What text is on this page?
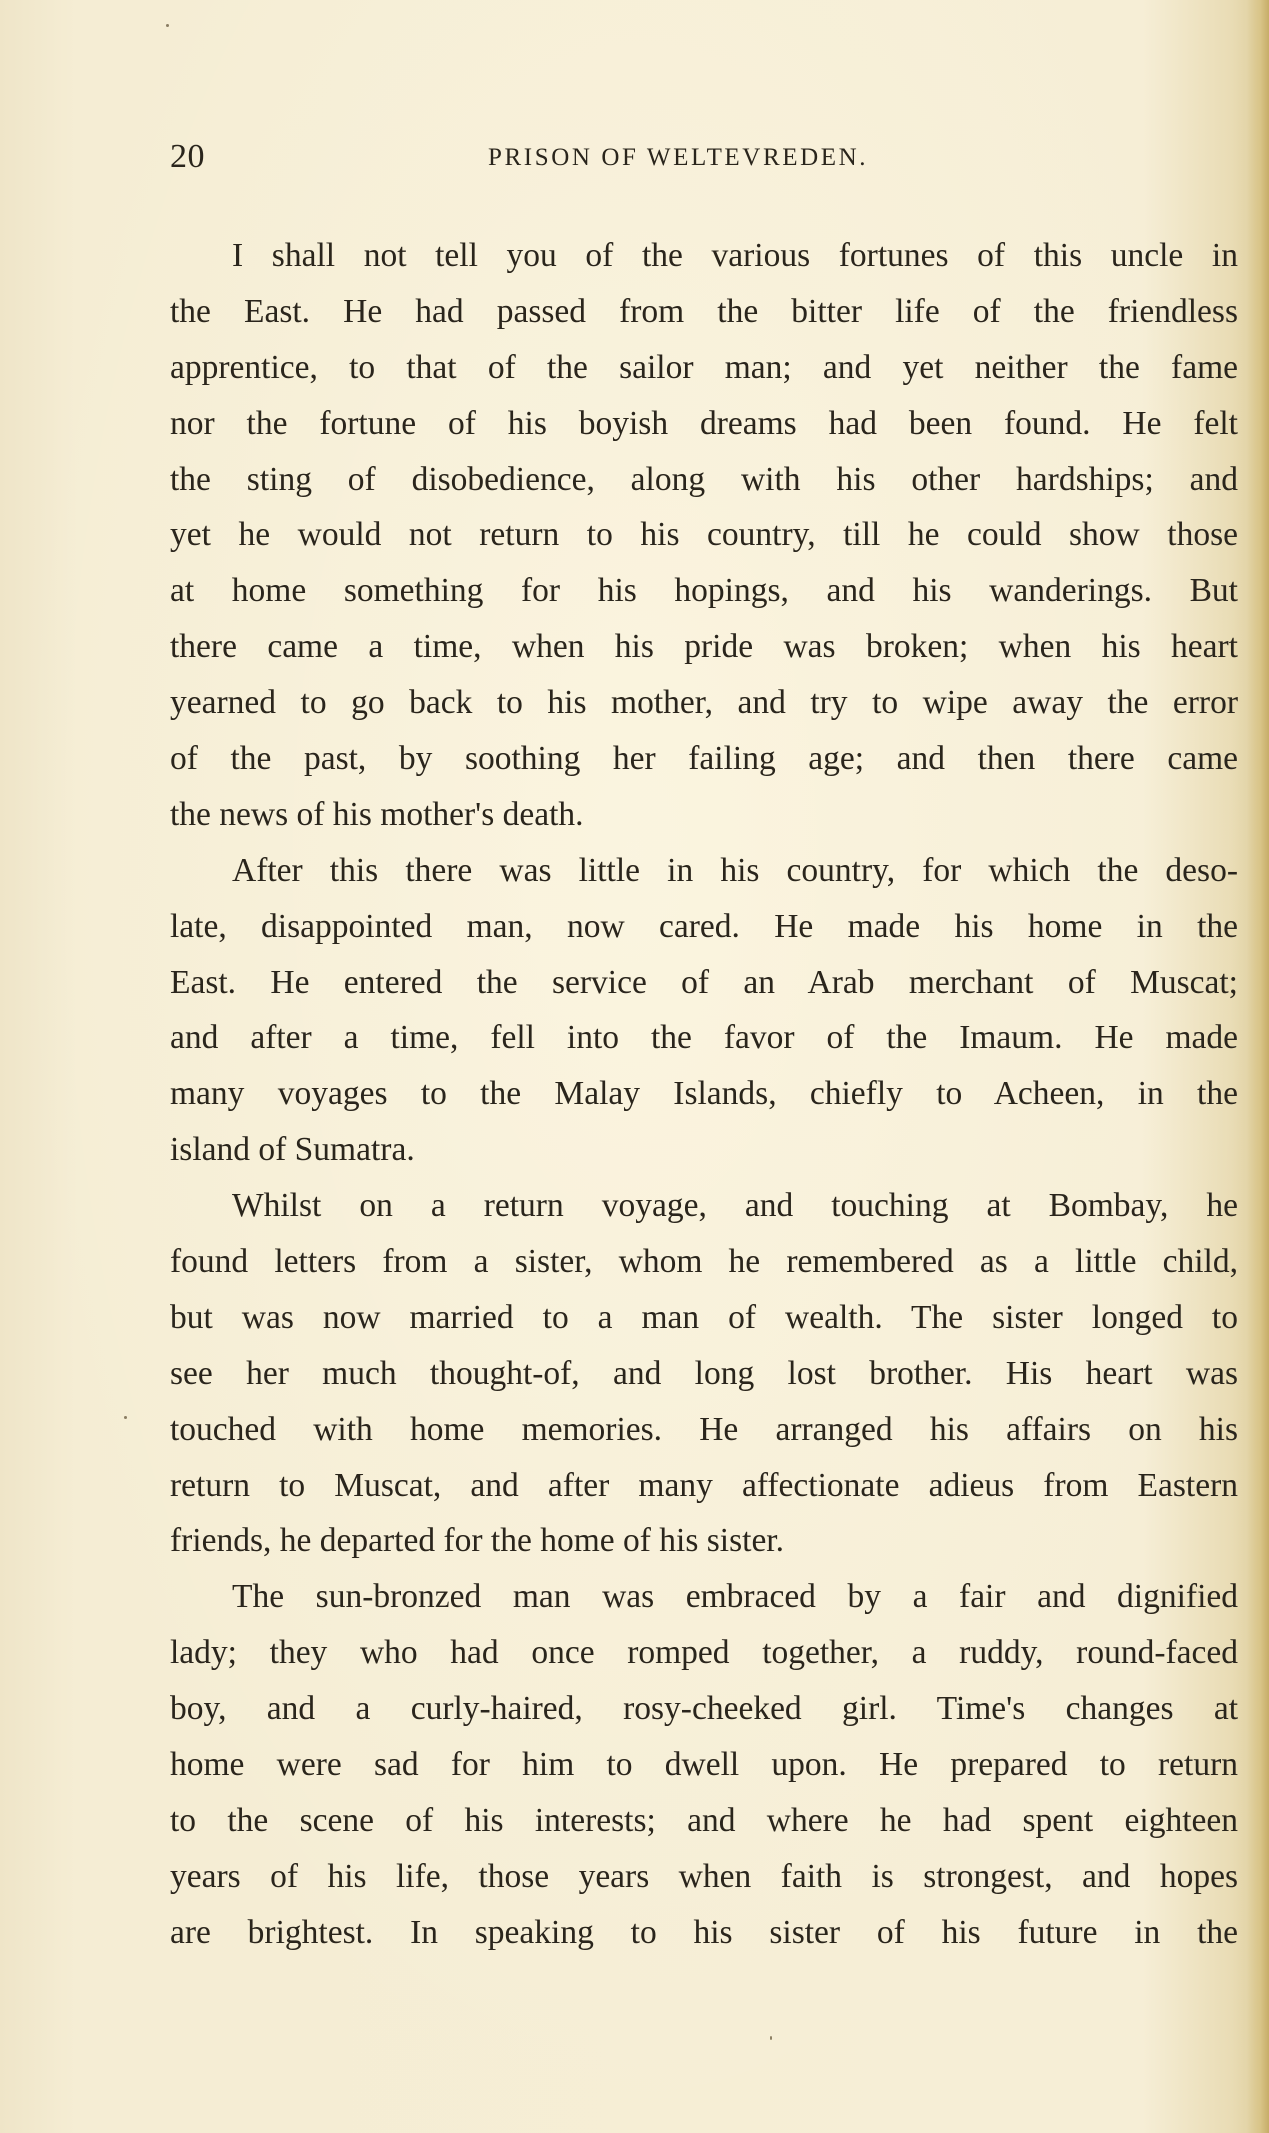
20	PRISON OF WELTEVREDEN.

I shall not tell you of the various fortunes of this uncle in
the East. He had passed from the bitter life of the friendless
apprentice, to that of the sailor man; and yet neither the fame
nor the fortune of his boyish dreams had been found. He felt
the sting of disobedience, along with his other hardships; and
yet he would not return to his country, till he could show those
at home something for his hopings, and his wanderings. But
there came a time, when his pride was broken; when his heart
yearned to go back to his mother, and try to wipe away the error
of the past, by soothing her failing age; and then there came
the news of his mother's death.

After this there was little in his country, for which the deso-
late, disappointed man, now cared. He made his home in the
East. He entered the service of an Arab merchant of Muscat;
and after a time, fell into the favor of the Imaum. He made
many voyages to the Malay Islands, chiefly to Acheen, in the
island of Sumatra.

Whilst on a return voyage, and touching at Bombay, he
found letters from a sister, whom he remembered as a little child,
but was now married to a man of wealth. The sister longed to
see her much thought-of, and long lost brother. His heart was
touched with home memories. He arranged his affairs on his
return to Muscat, and after many affectionate adieus from Eastern
friends, he departed for the home of his sister.

The sun-bronzed man was embraced by a fair and dignified
lady; they who had once romped together, a ruddy, round-faced
boy, and a curly-haired, rosy-cheeked girl. Time's changes at
home were sad for him to dwell upon. He prepared to return
to the scene of his interests; and where he had spent eighteen
years of his life, those years when faith is strongest, and hopes
are brightest. In speaking to his sister of his future in the
